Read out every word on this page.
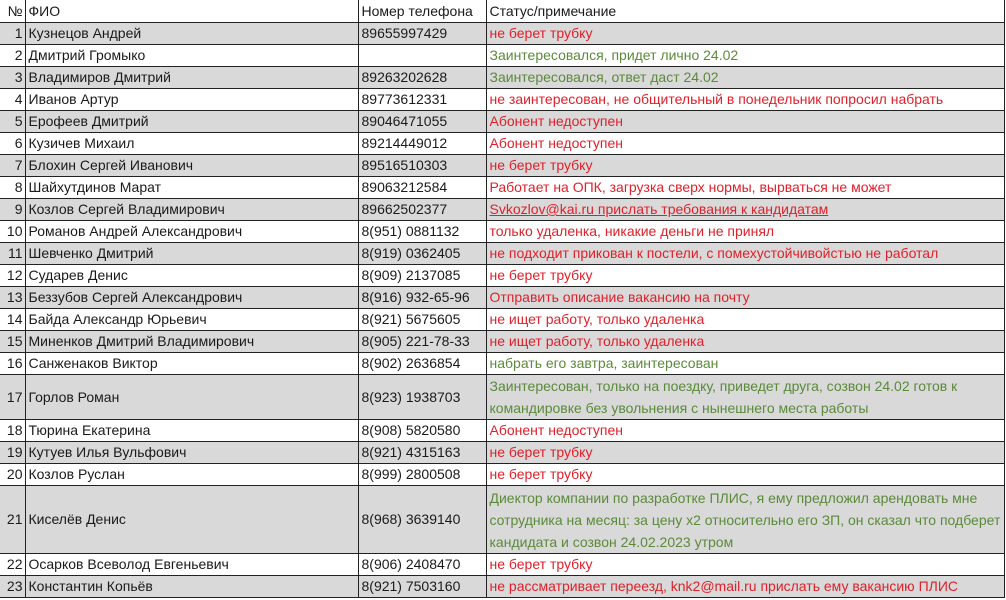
№	ФИО	Номер телефона	Статус/примечание
1	Кузнецов Андрей	89655997429	не берет трубку
2	Дмитрий Громыко		Заинтересовался, придет лично 24.02
3	Владимиров Дмитрий	89263202628	Заинтересовался, ответ даст 24.02
4	Иванов Артур	89773612331	не заинтересован, не общительный в понедельник попросил набрать
5	Ерофеев Дмитрий	89046471055	Абонент недоступен
6	Кузичев Михаил	89214449012	Абонент недоступен
7	Блохин Сергей Иванович	89516510303	не берет трубку
8	Шайхутдинов Марат	89063212584	Работает на ОПК, загрузка сверх нормы, вырваться не может
9	Козлов Сергей Владимирович	89662502377	Svkozlov@kai.ru прислать требования к кандидатам
10	Романов Андрей Александрович	8(951) 0881132	только удаленка, никакие деньги не принял
11	Шевченко Дмитрий	8(919) 0362405	не подходит прикован к постели, с помехустойчивойстью не работал
12	Сударев Денис	8(909) 2137085	не берет трубку
13	Беззубов Сергей Александрович	8(916) 932-65-96	Отправить описание вакансию на почту
14	Байда Александр Юрьевич	8(921) 5675605	не ищет работу, только удаленка
15	Миненков Дмитрий Владимирович	8(905) 221-78-33	не ищет работу, только удаленка
16	Санженаков Виктор	8(902) 2636854	набрать его завтра, заинтересован
17	Горлов Роман	8(923) 1938703	Заинтересован, только на поездку, приведет друга, созвон 24.02 готов к командировке без увольнения с нынешнего места работы
18	Тюрина Екатерина	8(908) 5820580	Абонент недоступен
19	Кутуев Илья Вульфович	8(921) 4315163	не берет трубку
20	Козлов Руслан	8(999) 2800508	не берет трубку
21	Киселёв Денис	8(968) 3639140	Диектор компании по разработке ПЛИС, я ему предложил арендовать мне сотрудника на месяц: за цену х2 относительно его ЗП, он сказал что подберет кандидата и созвон 24.02.2023 утром
22	Осарков Всеволод Евгеньевич	8(906) 2408470	не берет трубку
23	Константин Копьёв	8(921) 7503160	не рассматривает переезд, knk2@mail.ru прислать ему вакансию ПЛИС
